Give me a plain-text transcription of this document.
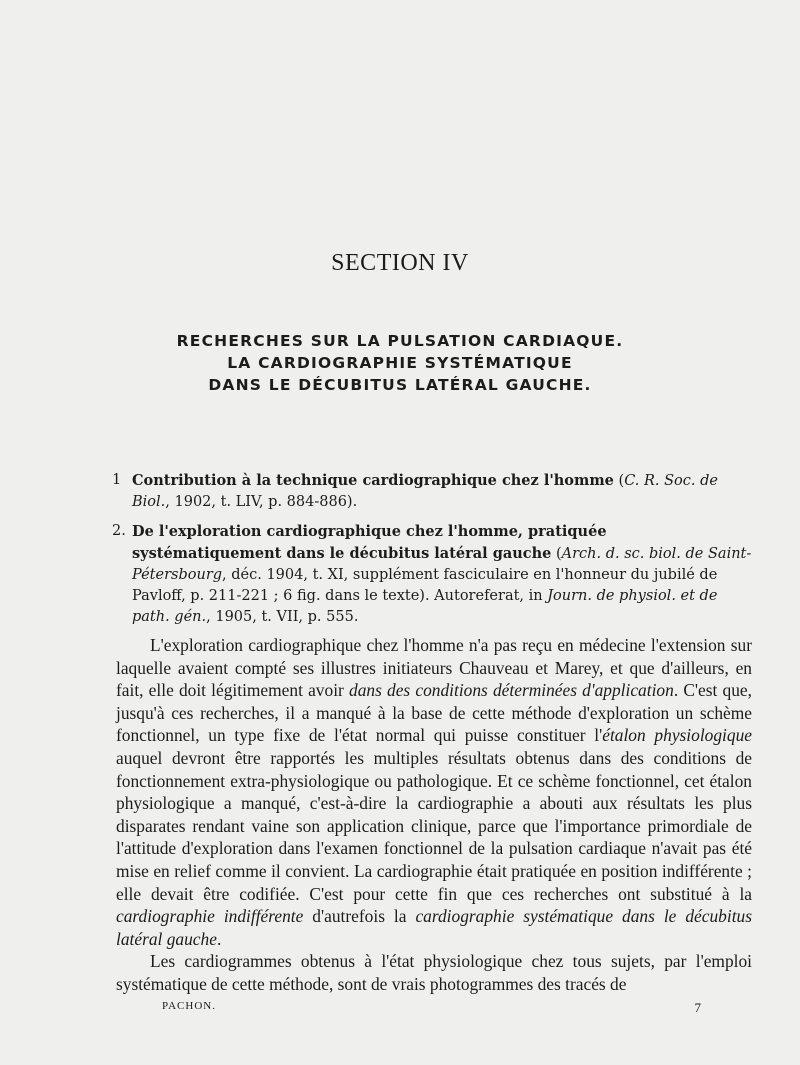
SECTION IV
RECHERCHES SUR LA PULSATION CARDIAQUE.
LA CARDIOGRAPHIE SYSTÉMATIQUE
DANS LE DÉCUBITUS LATÉRAL GAUCHE.
1 Contribution à la technique cardiographique chez l'homme (C. R. Soc. de Biol., 1902, t. LIV, p. 884-886).
2. De l'exploration cardiographique chez l'homme, pratiquée systématiquement dans le décubitus latéral gauche (Arch. d. sc. biol. de Saint-Pétersbourg, déc. 1904, t. XI, supplément fasciculaire en l'honneur du jubilé de Pavloff, p. 211-221 ; 6 fig. dans le texte). Autoreferat, in Journ. de physiol. et de path. gén., 1905, t. VII, p. 555.

L'exploration cardiographique chez l'homme n'a pas reçu en médecine l'extension sur laquelle avaient compté ses illustres initiateurs Chauveau et Marey, et que d'ailleurs, en fait, elle doit légitimement avoir dans des conditions déterminées d'application. C'est que, jusqu'à ces recherches, il a manqué à la base de cette méthode d'exploration un schème fonctionnel, un type fixe de l'état normal qui puisse constituer l'étalon physiologique auquel devront être rapportés les multiples résultats obtenus dans des conditions de fonctionnement extra-physiologique ou pathologique. Et ce schème fonctionnel, cet étalon physiologique a manqué, c'est-à-dire la cardiographie a abouti aux résultats les plus disparates rendant vaine son application clinique, parce que l'importance primordiale de l'attitude d'exploration dans l'examen fonctionnel de la pulsation cardiaque n'avait pas été mise en relief comme il convient. La cardiographie était pratiquée en position indifférente ; elle devait être codifiée. C'est pour cette fin que ces recherches ont substitué à la cardiographie indifférente d'autrefois la cardiographie systématique dans le décubitus latéral gauche.

Les cardiogrammes obtenus à l'état physiologique chez tous sujets, par l'emploi systématique de cette méthode, sont de vrais photogrammes des tracés de

PACHON.	7
